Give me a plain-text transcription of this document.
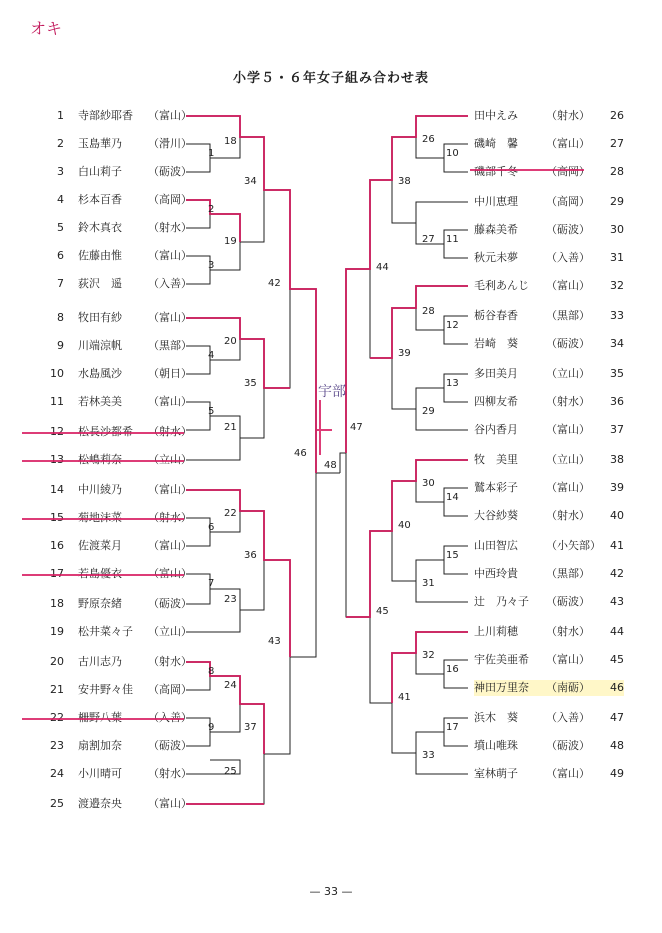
オキ
小学５・６年女子組み合わせ表
1 寺部紗耶香 （富山）
2 玉島華乃 （滑川）
3 白山莉子 （砺波）
4 杉本百香 （高岡）
5 鈴木真衣 （射水）
6 佐藤由惟 （富山）
7 荻沢　遥 （入善）
8 牧田有紗 （富山）
9 川端涼帆 （黒部）
10 水島風沙 （朝日）
11 若林美美 （富山）
12 松長沙都希 （射水）
13 松嶋莉奈 （立山）
14 中川綾乃 （富山）
15 菊地沫菜 （射水）
16 佐渡菜月 （富山）
17 若島優衣 （富山）
18 野原奈緒 （砺波）
19 松井菜々子 （立山）
20 古川志乃 （射水）
21 安井野々佳 （高岡）
22 柵野八葉 （入善）
23 扇割加奈 （砺波）
24 小川晴可 （射水）
25 渡邉奈央 （富山）
田中えみ	（射水） 26
磯崎　馨	（富山） 27
磯部千冬	（高岡） 28
中川恵理	（高岡） 29
藤森美希	（砺波） 30
秋元未夢	（入善） 31
毛利あんじ （富山） 32
栃谷春香	（黒部） 33
岩崎　葵	（砺波） 34
多田美月	（立山） 35
四柳友希	（射水） 36
谷内香月	（富山） 37
牧　美里	（立山） 38
鷲本彩子	（富山） 39
大谷紗葵	（射水） 40
山田智広	（小矢部） 41
中西玲貴	（黒部） 42
辻　乃々子 （砺波） 43
上川莉穂	（射水） 44
宇佐美亜希 （富山） 45
神田万里奈 （南砺） 46
浜木　葵	（入善） 47
墳山唯珠	（砺波） 48
室林萌子	（富山） 49
1
2
3
4
5
6
7
8
9
10
11
12
13
14
15
16
17
18
19
20
21
22
23
24
25
26
27
28
29
30
31
32
33
34
35
36
37
38
39
40
41
42
43
44
45
46
47
48
宇部
— 33 —
